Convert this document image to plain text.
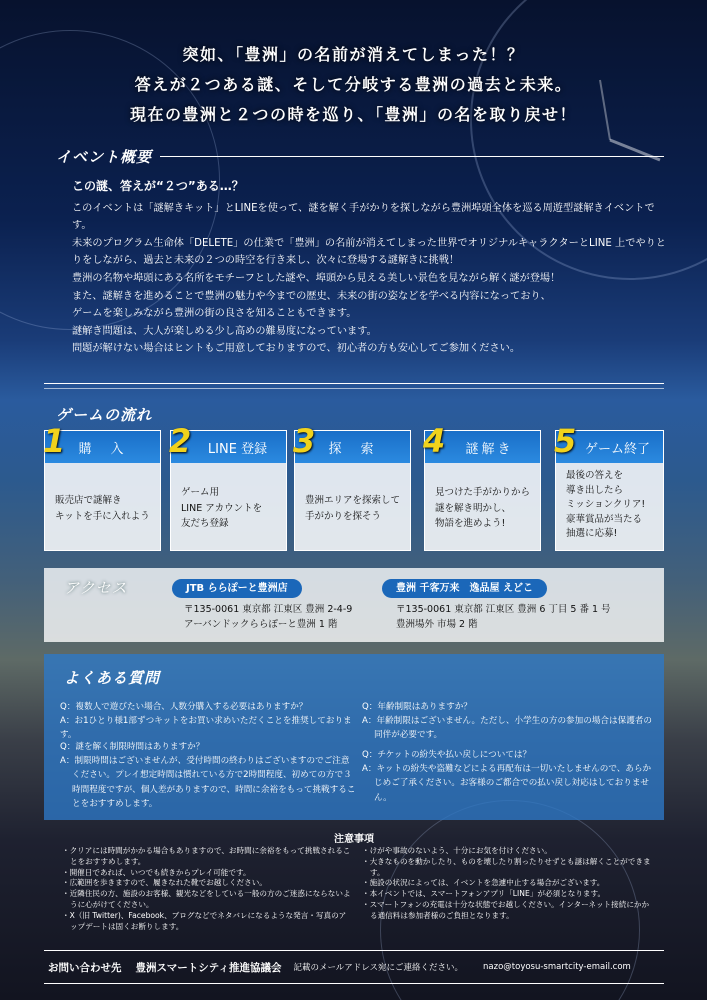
突如、「豊洲」の名前が消えてしまった！？

答えが２つある謎、そして分岐する豊洲の過去と未来。

現在の豊洲と２つの時を巡り、「豊洲」の名を取り戻せ！

イベント概要
この謎、答えが“２つ”ある…？

このイベントは「謎解きキット」とLINEを使って、謎を解く手がかりを探しながら豊洲埠頭全体を巡る周遊型謎解きイベントです。

未来のプログラム生命体「DELETE」の仕業で「豊洲」の名前が消えてしまった世界でオリジナルキャラクターとLINE 上でやりとりをしながら、過去と未来の２つの時空を行き来し、次々に登場する謎解きに挑戦！

豊洲の名物や埠頭にある名所をモチーフとした謎や、埠頭から見える美しい景色を見ながら解く謎が登場！

また、謎解きを進めることで豊洲の魅力や今までの歴史、未来の街の姿などを学べる内容になっており、

ゲームを楽しみながら豊洲の街の良さを知ることもできます。

謎解き問題は、大人が楽しめる少し高めの難易度になっています。

問題が解けない場合はヒントもご用意しておりますので、初心者の方も安心してご参加ください。

ゲームの流れ
購　入
販売店で謎解き
キットを手に入れよう
1	LINE 登録
ゲーム用
LINE アカウントを
友だち登録
2	探　索
豊洲エリアを探索して
手がかりを探そう
3	謎解き
見つけた手がかりから
謎を解き明かし、
物語を進めよう!
4	ゲーム終了
最後の答えを
導き出したら
ミッションクリア!
豪華賞品が当たる
抽選に応募!
5
アクセス	JTB ららぽーと豊洲店
〒135-0061 東京都 江東区 豊洲 2-4-9
アーバンドックららぽーと豊洲 1 階
豊洲 千客万来　逸品屋 えどこ
〒135-0061 東京都 江東区 豊洲 6 丁目 5 番 1 号
豊洲場外 市場 2 階
よくある質問
Q：複数人で遊びたい場合、人数分購入する必要はありますか？
A：お1ひとり様1部ずつキットをお買い求めいただくことを推奨しております。
Q：謎を解く制限時間はありますか？
A：制限時間はございませんが、受付時間の終わりはございますのでご注意ください。プレイ想定時間は慣れている方で2時間程度、初めての方で３時間程度ですが、個人差がありますので、時間に余裕をもって挑戦することをおすすめします。
Q：年齢制限はありますか？
A：年齢制限はございません。ただし、小学生の方の参加の場合は保護者の同伴が必要です。
Q：チケットの紛失や払い戻しについては？
A：キットの紛失や盗難などによる再配布は一切いたしませんので、あらかじめご了承ください。お客様のご都合での払い戻し対応はしておりません。
注意事項
・クリアには時間がかかる場合もありますので、お時間に余裕をもって挑戦されることをおすすめします。
・開催日であれば、いつでも続きからプレイ可能です。
・広範囲を歩きますので、履きなれた靴でお越しください。
・近隣住民の方、施設のお客様、観光などをしている一般の方のご迷惑にならないように心がけてください。
・X（旧 Twitter)、Facebook、ブログなどでネタバレになるような発言・写真のアップデートは固くお断りします。
・けがや事故のないよう、十分にお気を付けください。
・大きなものを動かしたり、ものを壊したり割ったりせずとも謎は解くことができます。
・施設の状況によっては、イベントを急遽中止する場合がございます。
・本イベントでは、スマートフォンアプリ「LINE」が必須となります。
・スマートフォンの充電は十分な状態でお越しください。インターネット接続にかかる通信料は参加者様のご負担となります。
お問い合わせ先 豊洲スマートシティ推進協議会 記載のメールアドレス宛にご連絡ください。 nazo@toyosu-smartcity-email.com
